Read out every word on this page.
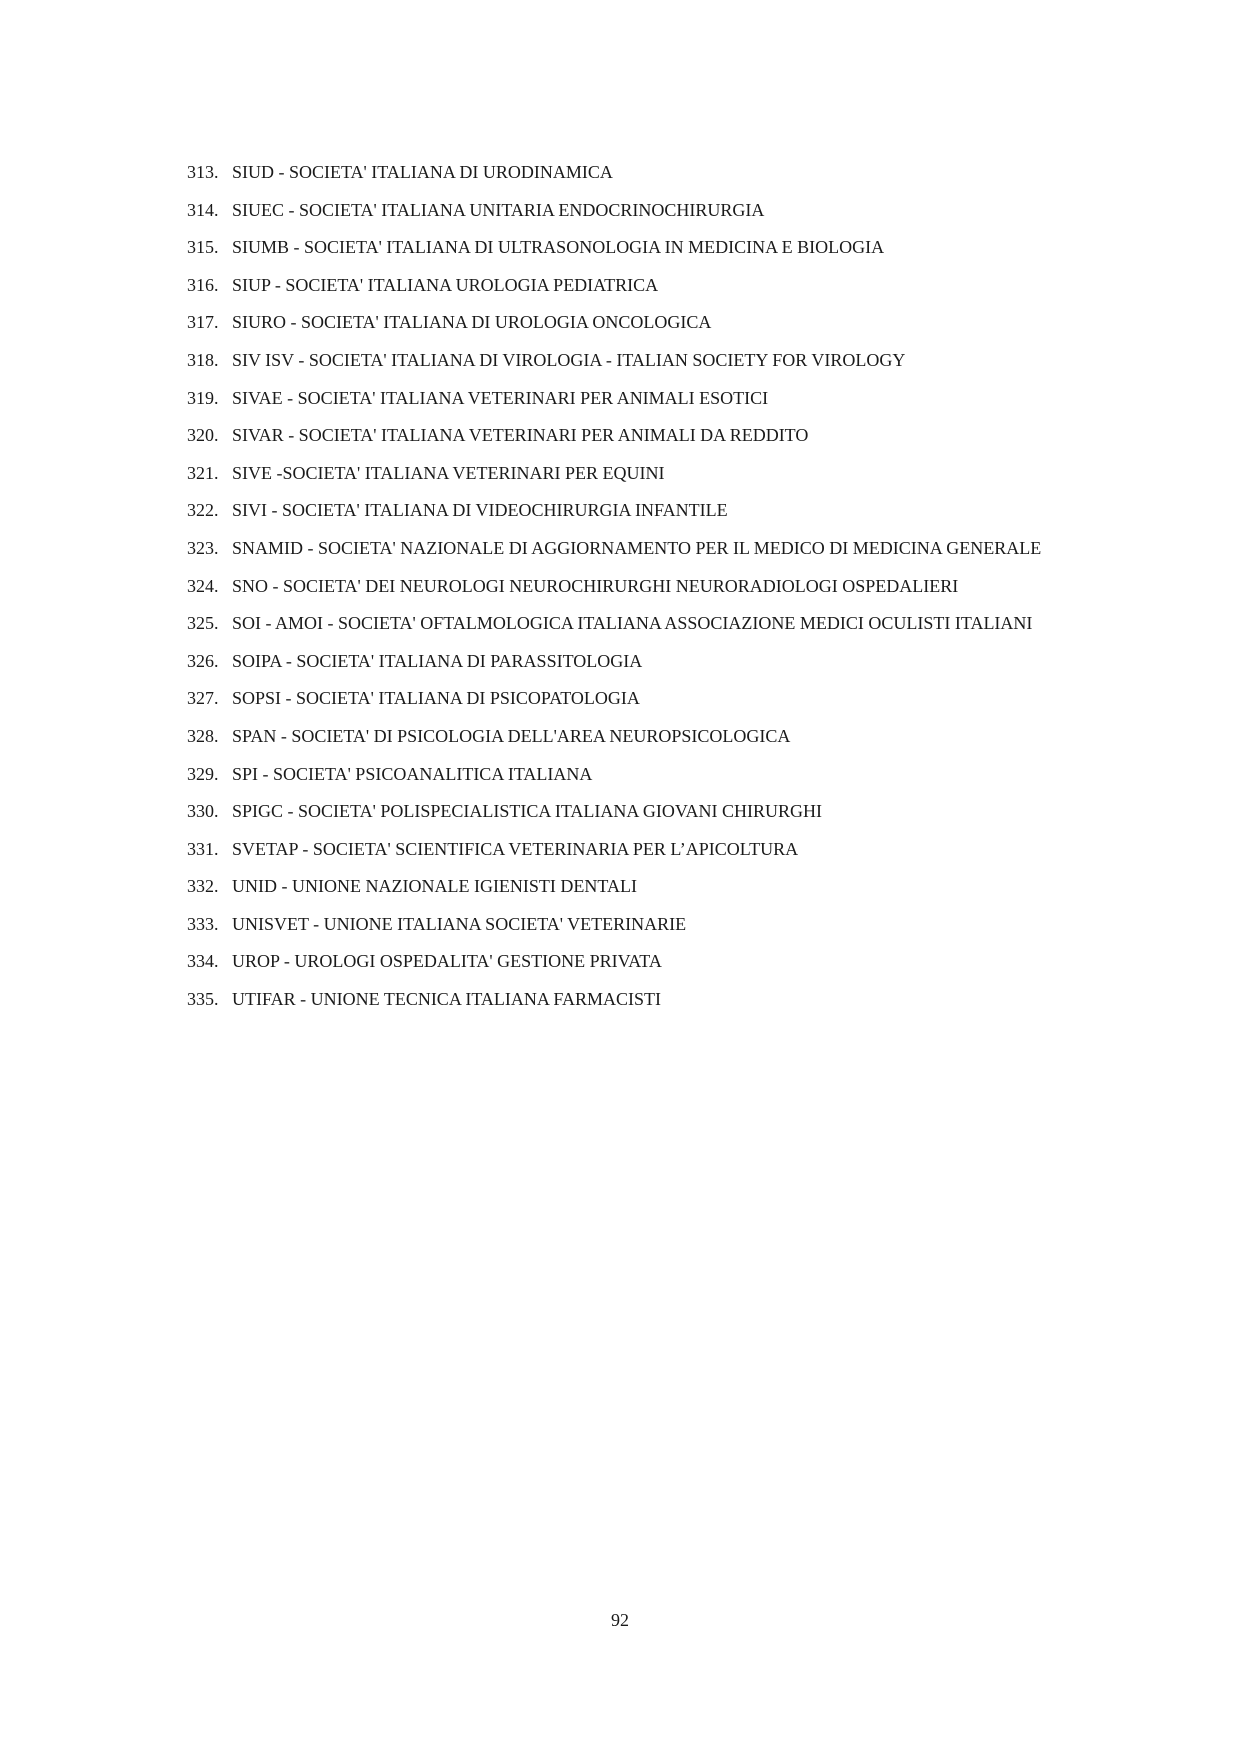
313. SIUD - SOCIETA' ITALIANA DI URODINAMICA
314. SIUEC - SOCIETA' ITALIANA UNITARIA ENDOCRINOCHIRURGIA
315. SIUMB - SOCIETA' ITALIANA DI ULTRASONOLOGIA IN MEDICINA E BIOLOGIA
316. SIUP - SOCIETA' ITALIANA UROLOGIA PEDIATRICA
317. SIURO - SOCIETA' ITALIANA DI UROLOGIA ONCOLOGICA
318. SIV ISV - SOCIETA' ITALIANA DI VIROLOGIA - ITALIAN SOCIETY FOR VIROLOGY
319. SIVAE - SOCIETA' ITALIANA VETERINARI PER ANIMALI ESOTICI
320. SIVAR - SOCIETA' ITALIANA VETERINARI PER ANIMALI DA REDDITO
321. SIVE -SOCIETA' ITALIANA VETERINARI PER EQUINI
322. SIVI - SOCIETA' ITALIANA DI VIDEOCHIRURGIA INFANTILE
323. SNAMID - SOCIETA' NAZIONALE DI AGGIORNAMENTO PER IL MEDICO DI MEDICINA GENERALE
324. SNO - SOCIETA' DEI NEUROLOGI NEUROCHIRURGHI NEURORADIOLOGI OSPEDALIERI
325. SOI - AMOI - SOCIETA' OFTALMOLOGICA ITALIANA ASSOCIAZIONE MEDICI OCULISTI ITALIANI
326. SOIPA - SOCIETA' ITALIANA DI PARASSITOLOGIA
327. SOPSI - SOCIETA' ITALIANA DI PSICOPATOLOGIA
328. SPAN - SOCIETA' DI PSICOLOGIA DELL'AREA NEUROPSICOLOGICA
329. SPI - SOCIETA' PSICOANALITICA ITALIANA
330. SPIGC - SOCIETA' POLISPECIALISTICA ITALIANA GIOVANI CHIRURGHI
331. SVETAP - SOCIETA' SCIENTIFICA VETERINARIA PER L’APICOLTURA
332. UNID - UNIONE NAZIONALE IGIENISTI DENTALI
333. UNISVET - UNIONE ITALIANA SOCIETA' VETERINARIE
334. UROP - UROLOGI OSPEDALITA' GESTIONE PRIVATA
335. UTIFAR - UNIONE TECNICA ITALIANA FARMACISTI
92
